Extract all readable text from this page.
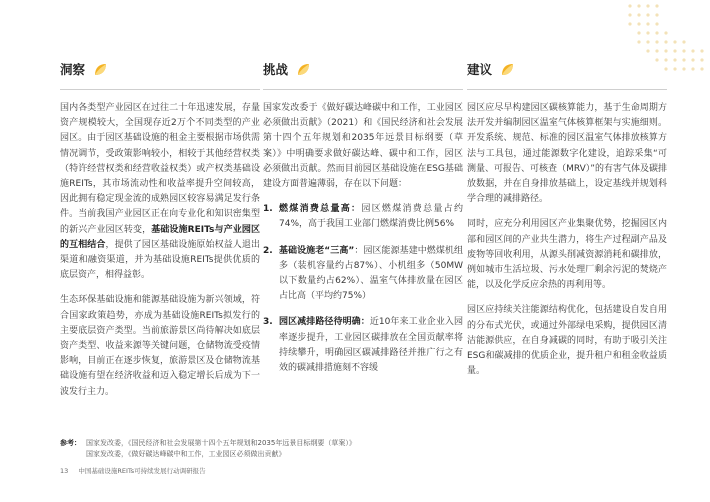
洞察

国内各类型产业园区在过往二十年迅速发展，存量资产规模较大，全国现存近2万个不同类型的产业园区。由于园区基础设施的租金主要根据市场供需情况调节，受政策影响较小，相较于其他经营权类（特许经营权类和经营收益权类）或产权类基础设施REITs，其市场流动性和收益率提升空间较高，因此拥有稳定现金流的成熟园区较容易满足发行条件。当前我国产业园区正在向专业化和知识密集型的新兴产业园区转变，基础设施REITs与产业园区的互相结合，提供了园区基础设施原始权益人退出渠道和融资渠道，并为基础设施REITs提供优质的底层资产，相得益彰。

生态环保基础设施和能源基础设施为新兴领域，符合国家政策趋势，亦成为基础设施REITs拟发行的主要底层资产类型。当前旅游景区尚待解决如底层资产类型、收益来源等关键问题，仓储物流受疫情影响，目前正在逐步恢复，旅游景区及仓储物流基础设施有望在经济收益和迈入稳定增长后成为下一波发行主力。

挑战

国家发改委于《做好碳达峰碳中和工作，工业园区必须做出贡献》（2021）和《国民经济和社会发展第十四个五年规划和2035年远景目标纲要（草案）》中明确要求做好碳达峰、碳中和工作，园区必须做出贡献。然而目前园区基础设施在ESG基础建设方面普遍薄弱，存在以下问题：

1. 燃煤消费总量高：园区燃煤消费总量占约74%，高于我国工业部门燃煤消费比例56%
2. 基础设施老“三高”：园区能源基建中燃煤机组多（装机容量约占87%）、小机组多（50MW以下数量约占62%）、温室气体排放量在园区占比高（平均约75%）
3. 园区减排路径待明确：近10年来工业企业入园率逐步提升，工业园区碳排放在全国贡献率将持续攀升，明确园区碳减排路径并推广行之有效的碳减排措施刻不容缓
建议

园区应尽早构建园区碳核算能力，基于生命周期方法开发并编制园区温室气体核算框架与实施细则。开发系统、规范、标准的园区温室气体排放核算方法与工具包，通过能源数字化建设，追踪采集“可测量、可报告、可核查（MRV）”的有害气体及碳排放数据，并在自身排放基础上，设定基线并规划科学合理的减排路径。

同时，应充分利用园区产业集聚优势，挖掘园区内部和园区间的产业共生潜力，将生产过程副产品及废物等回收利用，从源头削减资源消耗和碳排放，例如城市生活垃圾、污水处理厂剩余污泥的焚烧产能，以及化学反应余热的再利用等。

园区应持续关注能源结构优化，包括建设自发自用的分布式光伏，或通过外部绿电采购，提供园区清洁能源供应，在自身减碳的同时，有助于吸引关注ESG和碳减排的优质企业，提升租户和租金收益质量。

参考： 国家发改委，《国民经济和社会发展第十四个五年规划和2035年远景目标纲要（草案）》
国家发改委，《做好碳达峰碳中和工作，工业园区必须做出贡献》
13 中国基础设施REITs可持续发展行动调研报告
